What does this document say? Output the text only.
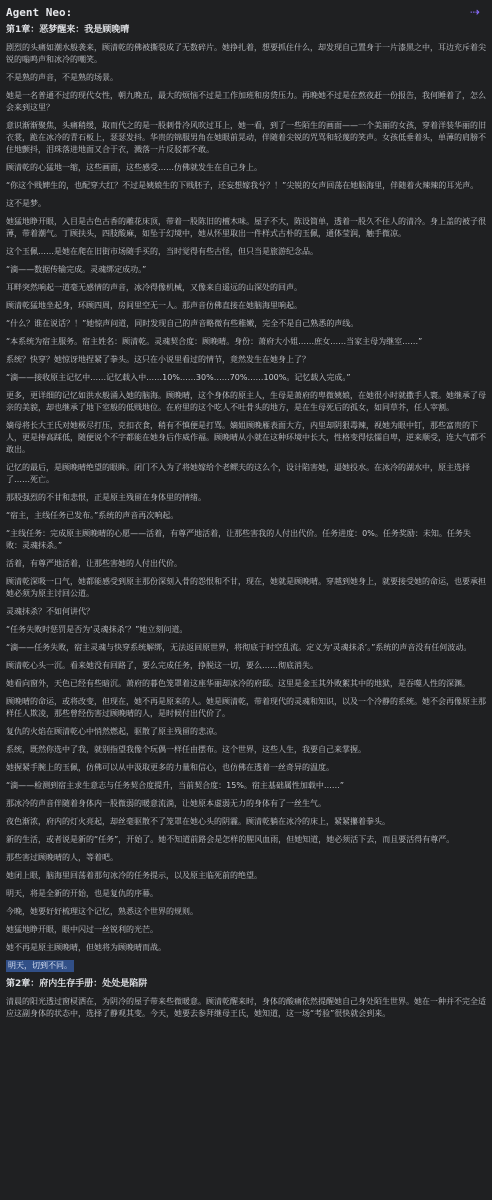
Agent Neo:	⇢
第1章：恶梦醒来：我是顾晚晴

剧烈的头痛如潮水般袭来，顾清乾的佛被撕裂成了无数碎片。她挣扎着，想要抓住什么，却发现自己置身于一片漆黑之中，耳边充斥着尖锐的嗡鸣声和冰冷的嘲笑。

不是熟的声音，不是熟的场景。

她是一名普通不过的现代女性，朝九晚五，最大的烦恼不过是工作加班和房贷压力。再晚她不过是在熬夜赶一份报告，我何睡着了，怎么会来到这里？

意识渐渐聚焦，头痛稍缓，取而代之的是一股刺骨冷风吹过耳上，她一看，到了一些陌生的画面——一个美丽的女孩，穿着洋装华丽的旧衣裳，跪在冰冷的青石板上，瑟瑟发抖。华贵的锦服男角在她眼前晃动，伴随着尖锐的咒骂和轻蔑的笑声。女孩低垂着头，单薄的肩膀不住地颤抖，泪珠落进地面又合于衣，溅落一片反驳都不敢。

顾清乾的心猛地一缩，这些画面，这些感受……仿佛就发生在自己身上。

“你这个贱婢生的，也配穿大红？不过是姨娘生的下贱胚子，还妄想嫁我兮？！”尖锐的女声回荡在她脑海里，伴随着火辣辣的耳光声。

这不是梦。

她猛地睁开眼，入目是古色古香的雕花床顶，带着一股陈旧的檀木味。屋子不大，陈设简单，透着一股久不住人的清冷。身上盖的被子很薄，带着潮气。丁顾扶头，四肢酸麻，如坠于幻境中，她从怀里取出一件样式古朴的玉佩，通体莹润，触手微凉。

这个玉佩……是她在爬在旧街市场随手买的，当时觉得有些古怪，但只当是旅游纪念品。

“滴——数据传输完成。灵魂绑定成功。”

耳畔突然响起一道毫无感情的声音，冰冷得像机械，又像来自遥远的山深处的回声。

顾清乾猛地坐起身，环顾四周，房间里空无一人。那声音仿佛直接在她脑海里响起。

“什么？谁在说话？！”她惊声问道，同时发现自己的声音略微有些稚嫩，完全不是自己熟悉的声线。

“本系统为宿主服务。宿主姓名：顾清乾。灵魂契合度：顾晚晴。身份：萧府大小姐……庶女……当家主母为继室……”

系统？快穿？她惊讶地捏紧了拳头。这只在小说里看过的情节，竟然发生在她身上了？

“滴——接收原主记忆中……记忆载入中……10%……30%……70%……100%。记忆载入完成。”

更多，更详细的记忆如洪水般涌入她的脑海。顾晚晴，这个身体的原主人，生母是萧府的卑微姨娘，在她很小时就撒手人寰。她继承了母亲的美貌，却也继承了地下室般的低贱地位。在府里的这个吃人不吐骨头的地方，是在生母死后的孤女，如同草芥，任人宰割。

嫡母将长大王氏对她极尽打压，克扣衣食，稍有不慎便是打骂。嫡姐顾晚雁表面大方，内里却阴狠毒辣，视她为眼中钉，那些富贵的下人，更是捧高踩低，随便说个不字都能在她身后作威作福。顾晚晴从小就在这种环境中长大，性格变得怯懦自卑，逆来顺受，连大气都不敢出。

记忆的最后，是顾晚晴绝望的眼眸。闭门不入为了将她嫁给个老鳏夫的这么个，设计陷害她，逼她投水。在冰冷的湖水中，原主选择了……死亡。

那股强烈的不甘和悲恨，正是原主残留在身体里的情绪。

“宿主，主线任务已发布。”系统的声音再次响起。

“主线任务：完成原主顾晚晴的心愿——活着，有尊严地活着，让那些害我的人付出代价。任务进度：0%。任务奖励：未知。任务失败：灵魂抹杀。”

活着，有尊严地活着，让那些害她的人付出代价。

顾清乾深吸一口气，她都能感受到原主那份深刻入骨的怨恨和不甘，现在，她就是顾晚晴。穿越到她身上，就要接受她的命运，也要承担她必须为原主讨回公道。

灵魂抹杀？不如何讲代？

“任务失败时惩罚是否为‘灵魂抹杀’？”她立刻问道。

“滴——任务失败，宿主灵魂与快穿系统解绑，无法返回原世界，将彻底于时空乱流。定义为‘灵魂抹杀’。”系统的声音没有任何波动。

顾清乾心头一沉。看来她没有回路了，要么完成任务，挣脱这一切，要么……彻底消失。

她看向窗外，天色已经有些暗沉。萧府的暮色笼罩着这座华丽却冰冷的府邸。这里是金玉其外败絮其中的地狱，是吞噬人性的深渊。

顾晚晴的命运，或将改变，但现在，她不再是原来的人。她是顾清乾，带着现代的灵魂和知识，以及一个冷静的系统。她不会再像原主那样任人欺凌，那些曾经伤害过顾晚晴的人，是时候付出代价了。

复仇的火焰在顾清乾心中悄然燃起，驱散了原主残留的悲凉。

系统，既然你选中了我，就别指望我像个玩偶一样任由摆布。这个世界，这些人生，我要自己来掌握。

她握紧手腕上的玉佩，仿佛可以从中汲取更多的力量和信心，也仿佛在透着一丝奇异的温度。

“滴——检测到宿主求生意志与任务契合度提升，当前契合度：15%。宿主基础属性加载中……”

那冰冷的声音伴随着身体内一股微弱的暖意流淌，让她原本虚弱无力的身体有了一丝生气。

夜色渐浓，府内的灯火亮起，却丝毫驱散不了笼罩在她心头的阴霾。顾清乾躺在冰冷的床上，紧紧攥着拳头。

新的生活，或者说是新的“任务”，开始了。她不知道前路会是怎样的腥风血雨，但她知道，她必须活下去，而且要活得有尊严。

那些害过顾晚晴的人，等着吧。

她闭上眼，脑海里回荡着那句冰冷的任务提示，以及原主临死前的绝望。

明天，将是全新的开始，也是复仇的序幕。

今晚，她要好好梳理这个记忆，熟悉这个世界的规则。

她猛地睁开眼，眼中闪过一丝锐利的光芒。

她不再是原主顾晚晴，但她将为顾晚晴而战。

明天，切到不同。

第2章：府内生存手册：处处是陷阱

清晨的阳光透过窗棂洒在，为阴冷的屋子带来些微暖意。顾清乾醒来时，身体的酸痛依然提醒她自己身处陌生世界。她在一种并不完全适应这副身体的状态中，选择了静观其变。今天，她要去参拜继母王氏，她知道，这一场“考验”很快就会到来。
